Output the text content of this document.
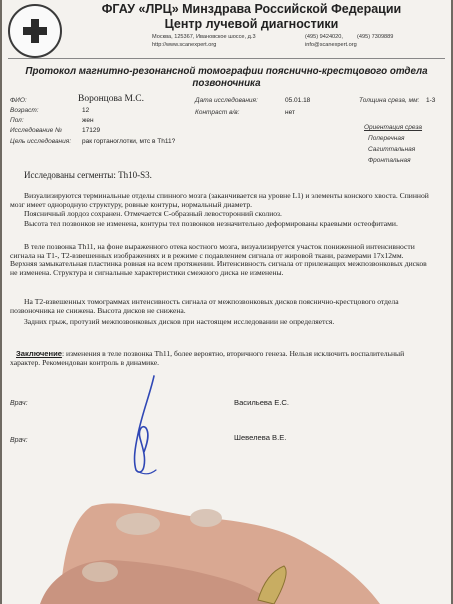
ФГАУ «ЛРЦ» Минздрава Российской Федерации
Центр лучевой диагностики
Москва, 125367, Ивановское шоссе, д.3	(495) 9424020,	(495) 7309889
http://www.scanexpert.org	info@scanexpert.org
Протокол магнитно-резонансной томографии пояснично-крестцового отдела позвоночника
ФИО:	Воронцова М.С.
Возраст:	12
Пол:	жен
Исследование №	17129
Цель исследования: рак гортаноглотки, мтс в Th11?
Дата исследования:	05.01.18
Контраст в/в:	нет
Толщина среза, мм: 1-3
Ориентация среза
Поперечная
Сагиттальная
Фронтальная
Исследованы сегменты: Th10-S3.
Визуализируются терминальные отделы спинного мозга (заканчивается на уровне L1) и элементы конского хвоста. Спинной мозг имеет однородную структуру, ровные контуры, нормальный диаметр.
Поясничный лордоз сохранен. Отмечается С-образный левосторонний сколиоз.
Высота тел позвонков не изменена, контуры тел позвонков незначительно деформированы краевыми остеофитами.
В теле позвонка Th11, на фоне выраженного отека костного мозга, визуализируется участок пониженной интенсивности сигнала на Т1-, Т2-взвешенных изображениях и в режиме с подавлением сигнала от жировой ткани, размерами 17х12мм. Верхняя замыкательная пластинка ровная на всем протяжении. Интенсивность сигнала от прилежащих межпозвонковых дисков не изменена. Структура и сигнальные характеристики смежного диска не изменены.
На Т2-взвешенных томограммах интенсивность сигнала от межпозвонковых дисков пояснично-крестцового отдела позвоночника не снижена. Высота дисков не снижена.
Задних грыж, протузий межпозвонковых дисков при настоящем исследовании не определяется.
Заключение: изменения в теле позвонка Th11, более вероятно, вторичного генеза. Нельзя исключить воспалительный характер. Рекомендован контроль в динамике.
Врач:	Васильева Е.С.
Врач:	Шевелева В.Е.
